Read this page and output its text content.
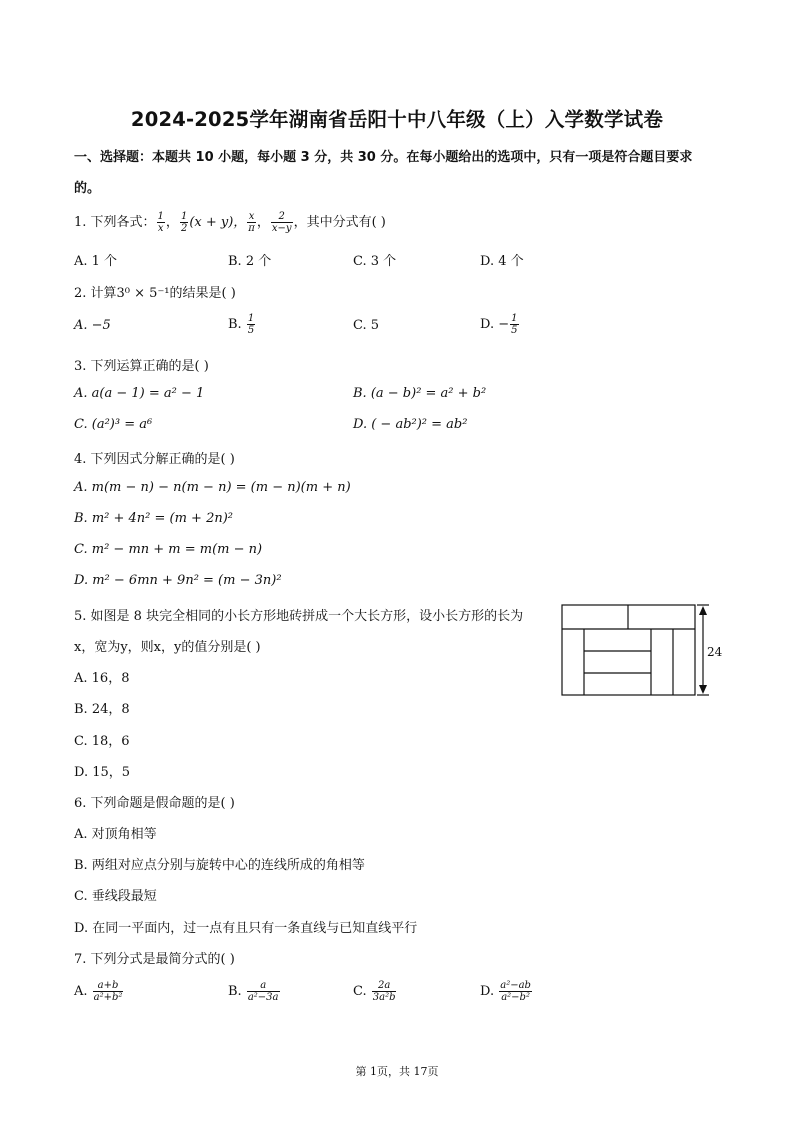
2024-2025学年湖南省岳阳十中八年级（上）入学数学试卷
一、选择题：本题共 10 小题，每小题 3 分，共 30 分。在每小题给出的选项中，只有一项是符合题目要求
的。
1. 下列各式： $\frac{1}{x}$ ， $\frac{1}{2} (x + y)$， $\frac{x}{\pi}$ ， $\frac{2}{x-y}$ ，其中分式有( )
A. 1 个	B. 2 个	C. 3 个	D. 4 个
2. 计算3⁰ × 5⁻¹的结果是( )
A. −5	B. $\frac{1}{5}$	C. 5	D. − $\frac{1}{5}$
3. 下列运算正确的是( )
A. a(a − 1) = a² − 1	B. (a − b)² = a² + b²
C. (a²)³ = a⁶	D. ( − ab²)² = ab²
4. 下列因式分解正确的是( )
A. m(m − n) − n(m − n) = (m − n)(m + n)
B. m² + 4n² = (m + 2n)²
C. m² − mn + m = m(m − n)
D. m² − 6mn + 9n² = (m − 3n)²
5. 如图是 8 块完全相同的小长方形地砖拼成一个大长方形，设小长方形的长为
x，宽为y，则x，y的值分别是( )
A. 16，8
B. 24，8
C. 18，6
D. 15，5
24
6. 下列命题是假命题的是( )
A. 对顶角相等
B. 两组对应点分别与旋转中心的连线所成的角相等
C. 垂线段最短
D. 在同一平面内，过一点有且只有一条直线与已知直线平行
7. 下列分式是最简分式的( )
A. $\frac{a+b}{\text{a²+b²}}$	B. $\frac{a}{\text{a²−3a}}$	C. $\frac{2a}{\text{3a²b}}$	D. $\frac{\text{a²−ab}}{\text{a²−b²}}$
第 1页，共 17页
